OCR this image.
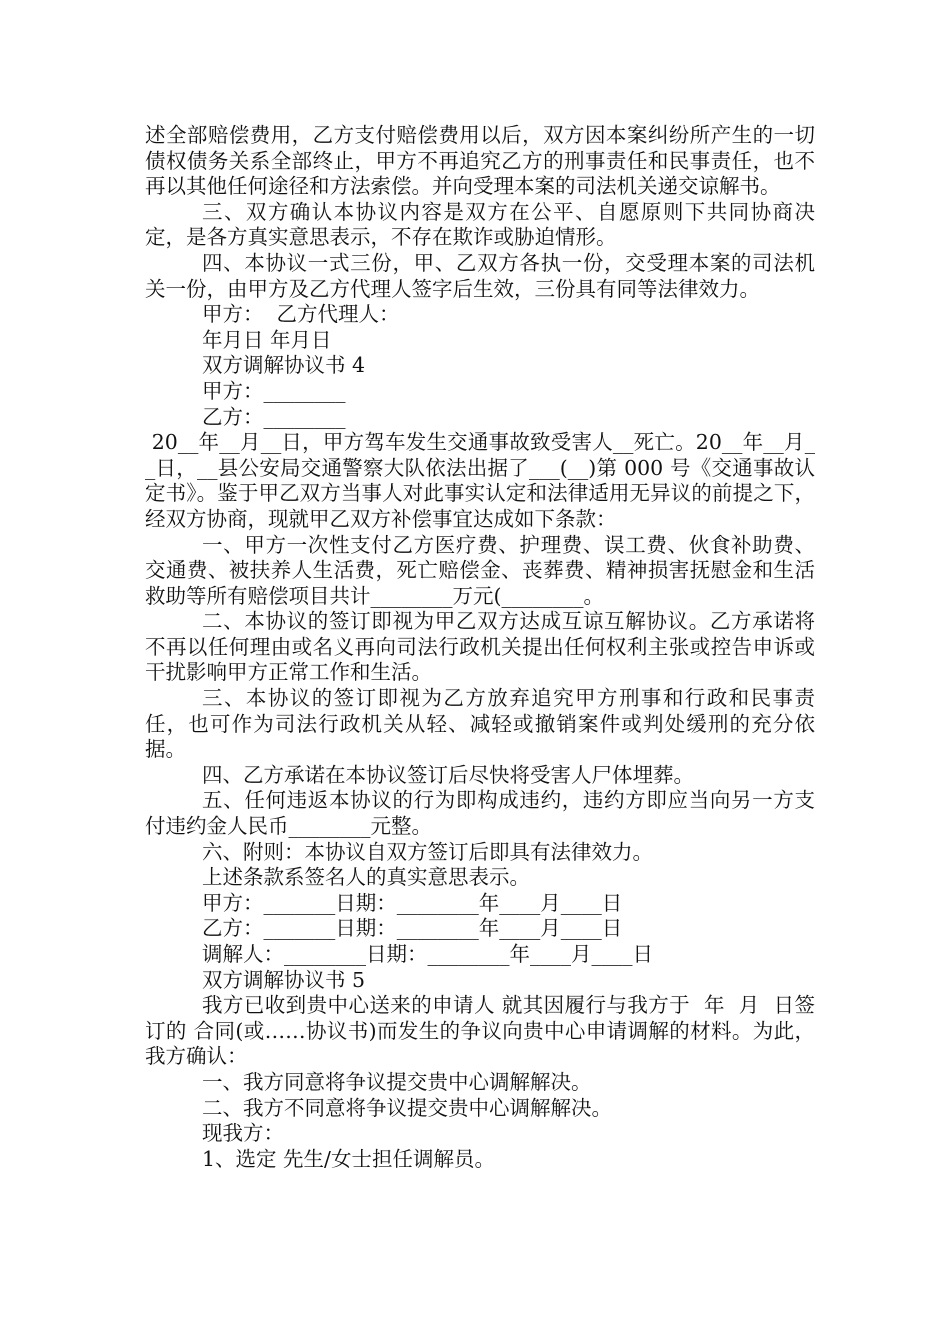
述全部赔偿费用，乙方支付赔偿费用以后，双方因本案纠纷所产生的一切债权债务关系全部终止，甲方不再追究乙方的刑事责任和民事责任，也不再以其他任何途径和方法索偿。并向受理本案的司法机关递交谅解书。

三、双方确认本协议内容是双方在公平、自愿原则下共同协商决定，是各方真实意思表示，不存在欺诈或胁迫情形。

四、本协议一式三份，甲、乙双方各执一份，交受理本案的司法机关一份，由甲方及乙方代理人签字后生效，三份具有同等法律效力。

甲方：  乙方代理人：

年月日 年月日

双方调解协议书 4

甲方：________

乙方：________

20__年__月__日，甲方驾车发生交通事故致受害人__死亡。20__年__月__日，__县公安局交通警察大队依法出据了___(__)第 000 号《交通事故认定书》。鉴于甲乙双方当事人对此事实认定和法律适用无异议的前提之下，经双方协商，现就甲乙双方补偿事宜达成如下条款：

一、甲方一次性支付乙方医疗费、护理费、误工费、伙食补助费、交通费、被扶养人生活费，死亡赔偿金、丧葬费、精神损害抚慰金和生活救助等所有赔偿项目共计________万元(________。

二、本协议的签订即视为甲乙双方达成互谅互解协议。乙方承诺将不再以任何理由或名义再向司法行政机关提出任何权利主张或控告申诉或干扰影响甲方正常工作和生活。

三、本协议的签订即视为乙方放弃追究甲方刑事和行政和民事责任，也可作为司法行政机关从轻、减轻或撤销案件或判处缓刑的充分依据。

四、乙方承诺在本协议签订后尽快将受害人尸体埋葬。

五、任何违返本协议的行为即构成违约，违约方即应当向另一方支付违约金人民币________元整。

六、附则：本协议自双方签订后即具有法律效力。

上述条款系签名人的真实意思表示。

甲方：_______日期：________年____月____日

乙方：_______日期：________年____月____日

调解人：________日期：________年____月____日

双方调解协议书 5

我方已收到贵中心送来的申请人 就其因履行与我方于  年  月  日签订的 合同(或……协议书)而发生的争议向贵中心申请调解的材料。为此，我方确认：

一、我方同意将争议提交贵中心调解解决。

二、我方不同意将争议提交贵中心调解解决。

现我方：

1、选定 先生/女士担任调解员。
